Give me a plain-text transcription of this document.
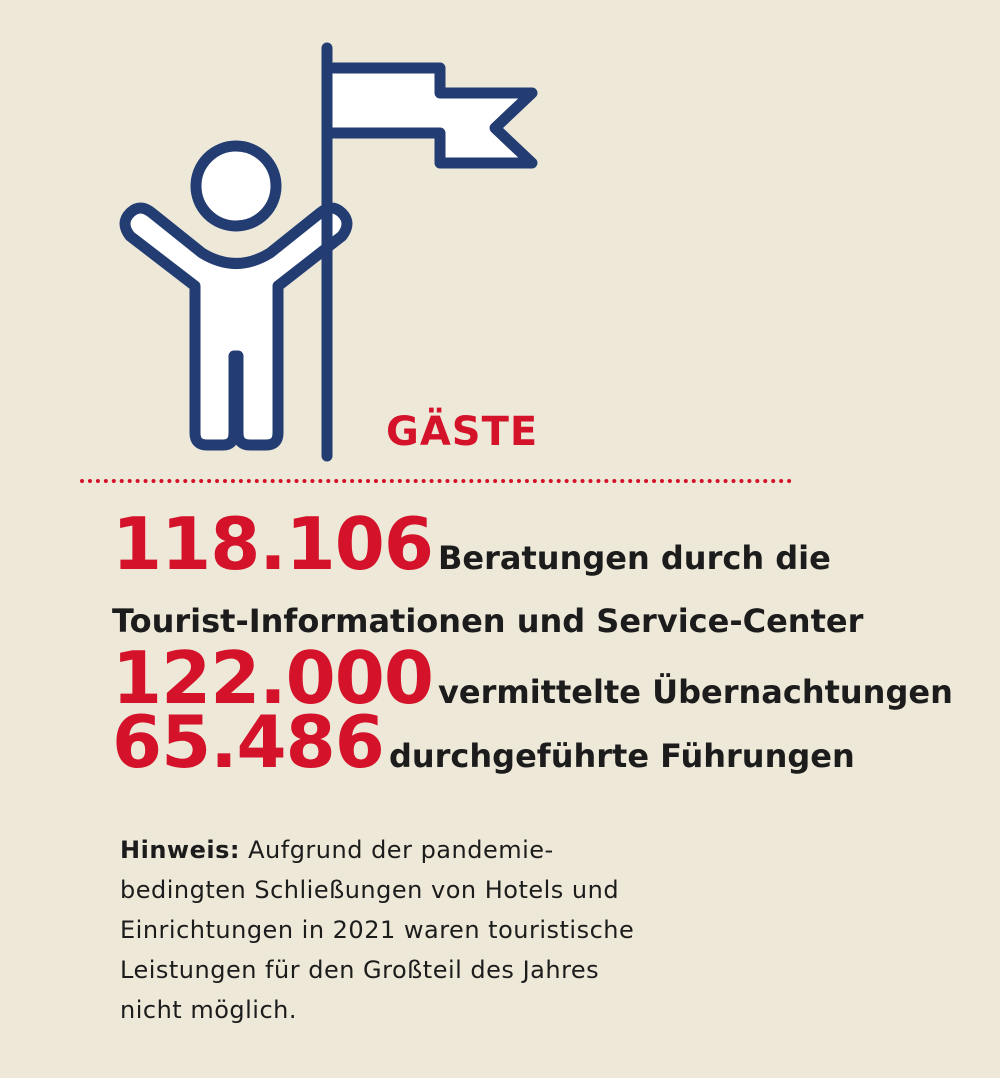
GÄSTE
118.106 Beratungen durch die
Tourist-Informationen und Service-Center
122.000 vermittelte Übernachtungen
65.486 durchgeführte Führungen
Hinweis: Aufgrund der pandemie-bedingten Schließungen von Hotels und Einrichtungen in 2021 waren touristische Leistungen für den Großteil des Jahres nicht möglich.
